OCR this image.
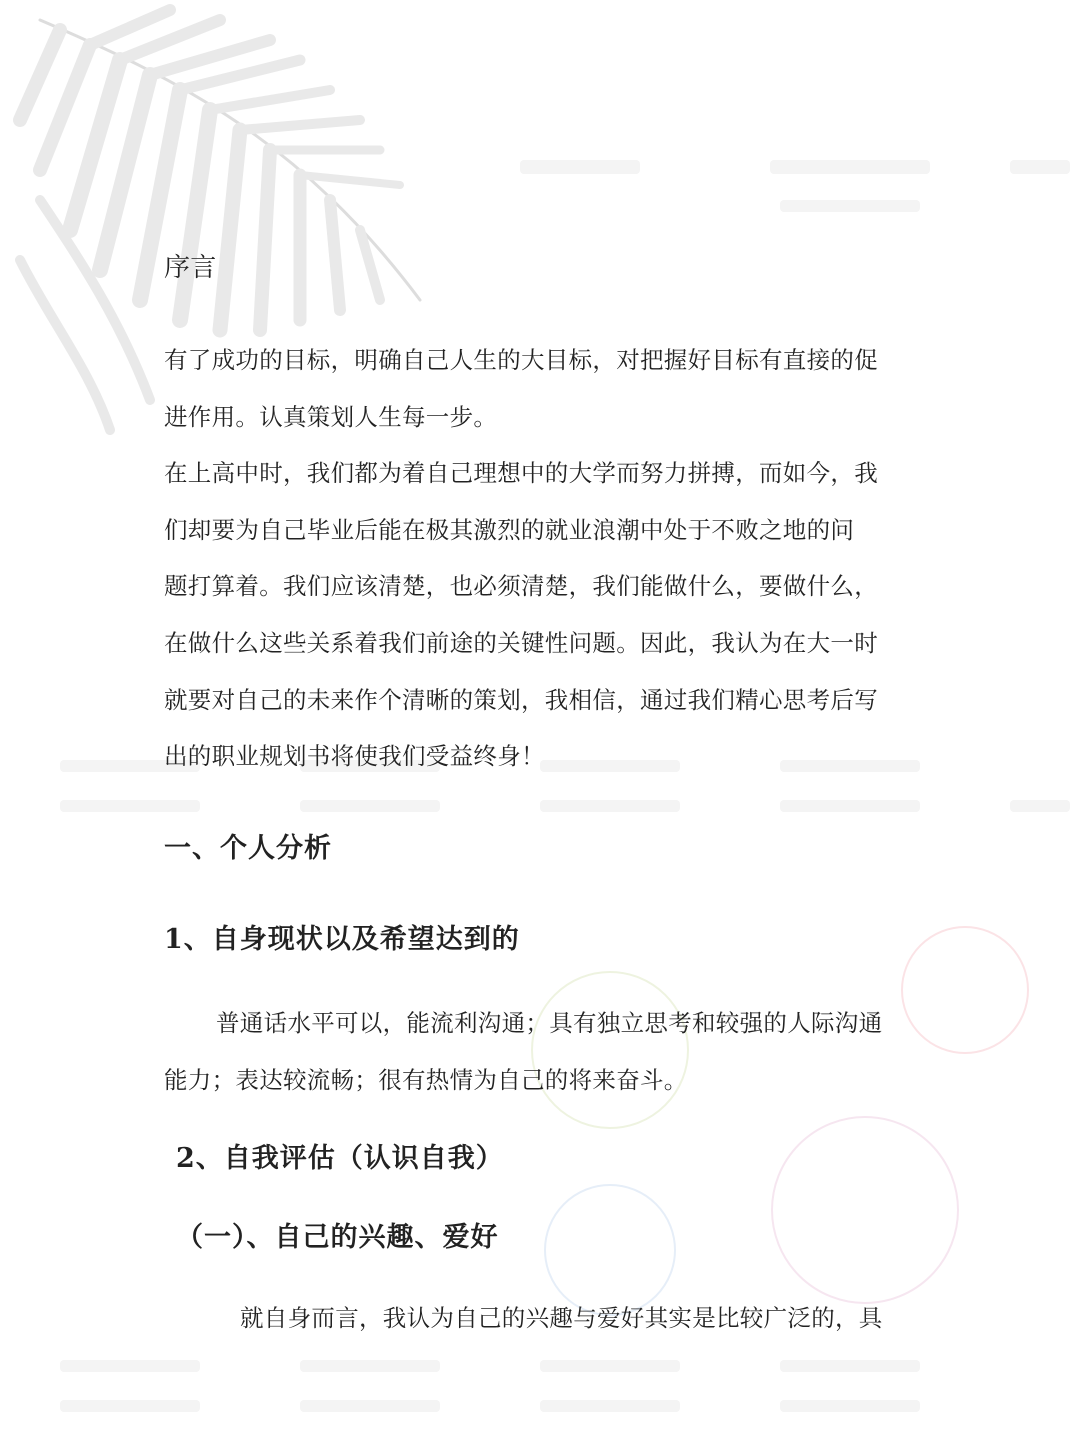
序言
有了成功的目标，明确自己人生的大目标，对把握好目标有直接的促
进作用。认真策划人生每一步。
在上高中时，我们都为着自己理想中的大学而努力拼搏，而如今，我
们却要为自己毕业后能在极其激烈的就业浪潮中处于不败之地的问
题打算着。我们应该清楚，也必须清楚，我们能做什么，要做什么，
在做什么这些关系着我们前途的关键性问题。因此，我认为在大一时
就要对自己的未来作个清晰的策划，我相信，通过我们精心思考后写
出的职业规划书将使我们受益终身！
一、个人分析
1、自身现状以及希望达到的
普通话水平可以，能流利沟通；具有独立思考和较强的人际沟通
能力；表达较流畅；很有热情为自己的将来奋斗。
2、自我评估（认识自我）
（一）、自己的兴趣、爱好
就自身而言，我认为自己的兴趣与爱好其实是比较广泛的，具
